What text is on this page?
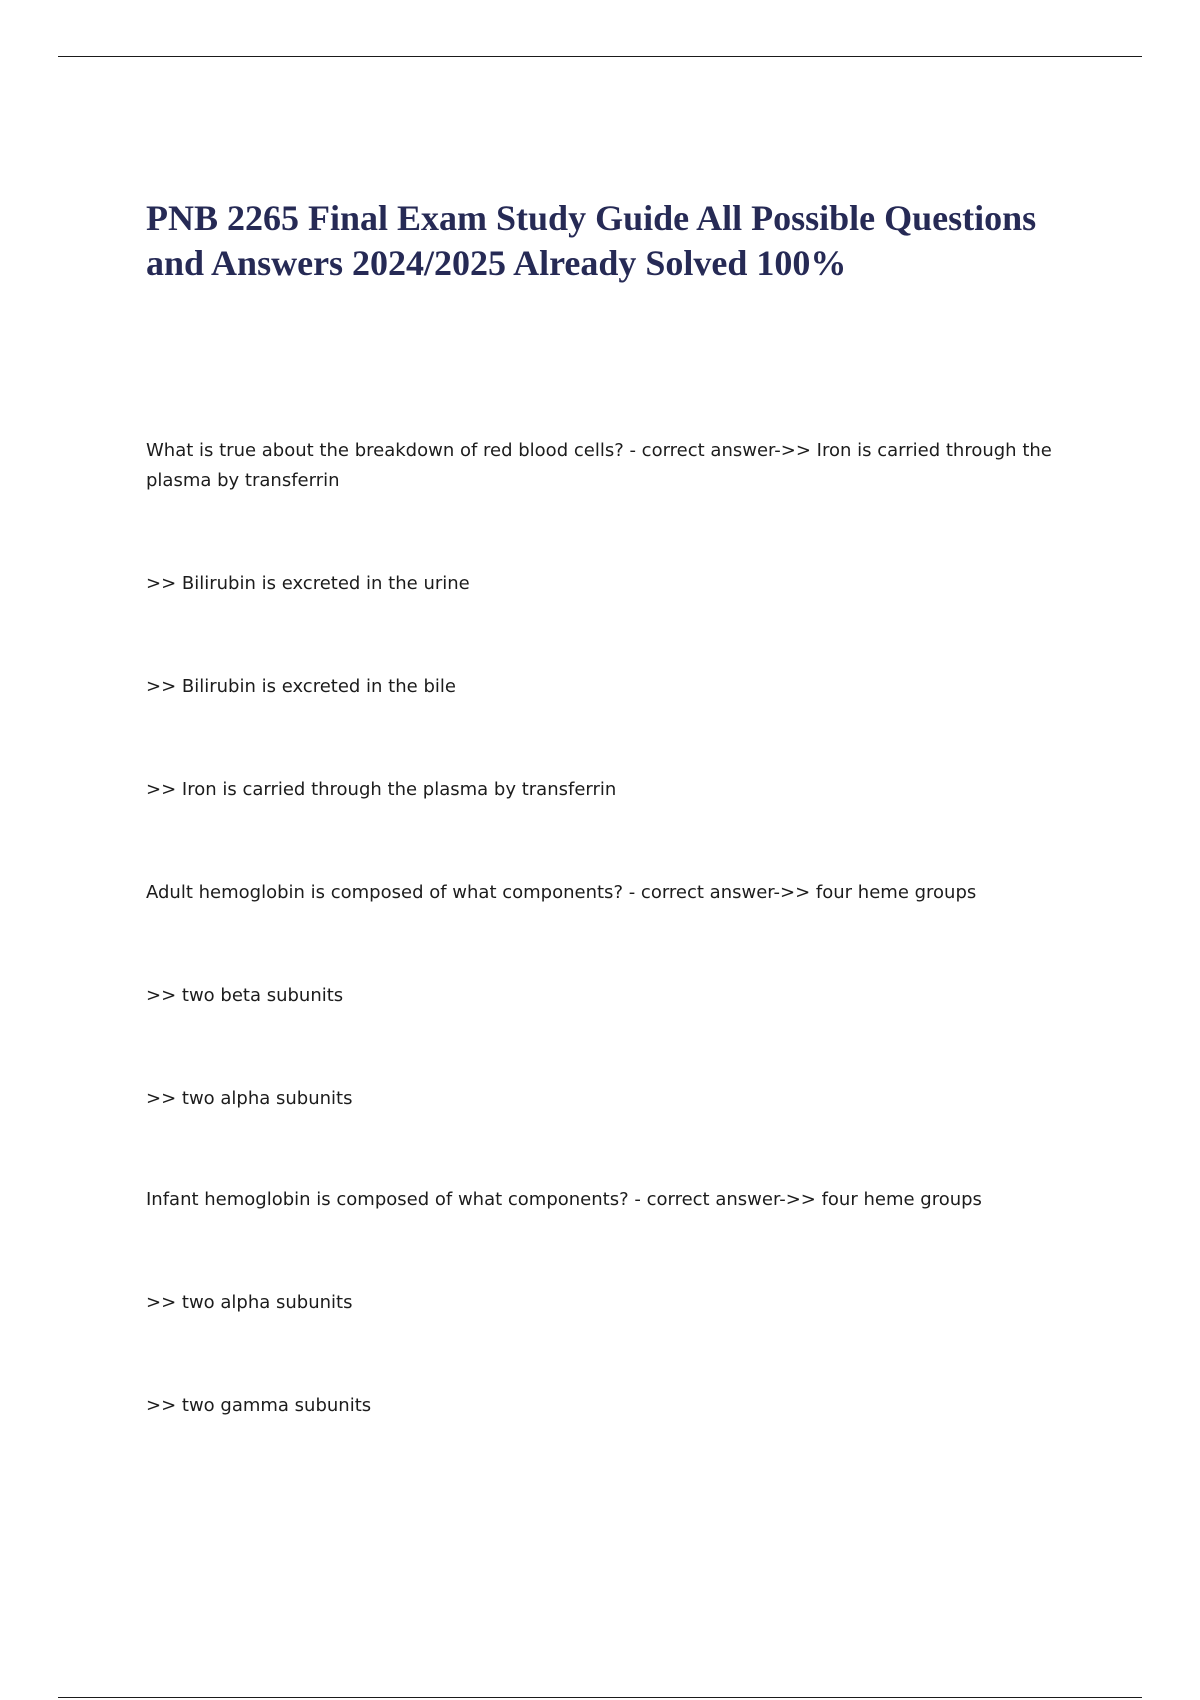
PNB 2265 Final Exam Study Guide All Possible Questions and Answers 2024/2025 Already Solved 100%

What is true about the breakdown of red blood cells? - correct answer->> Iron is carried through the plasma by transferrin

>> Bilirubin is excreted in the urine

>> Bilirubin is excreted in the bile

>> Iron is carried through the plasma by transferrin

Adult hemoglobin is composed of what components? - correct answer->> four heme groups

>> two beta subunits

>> two alpha subunits

Infant hemoglobin is composed of what components? - correct answer->> four heme groups

>> two alpha subunits

>> two gamma subunits
